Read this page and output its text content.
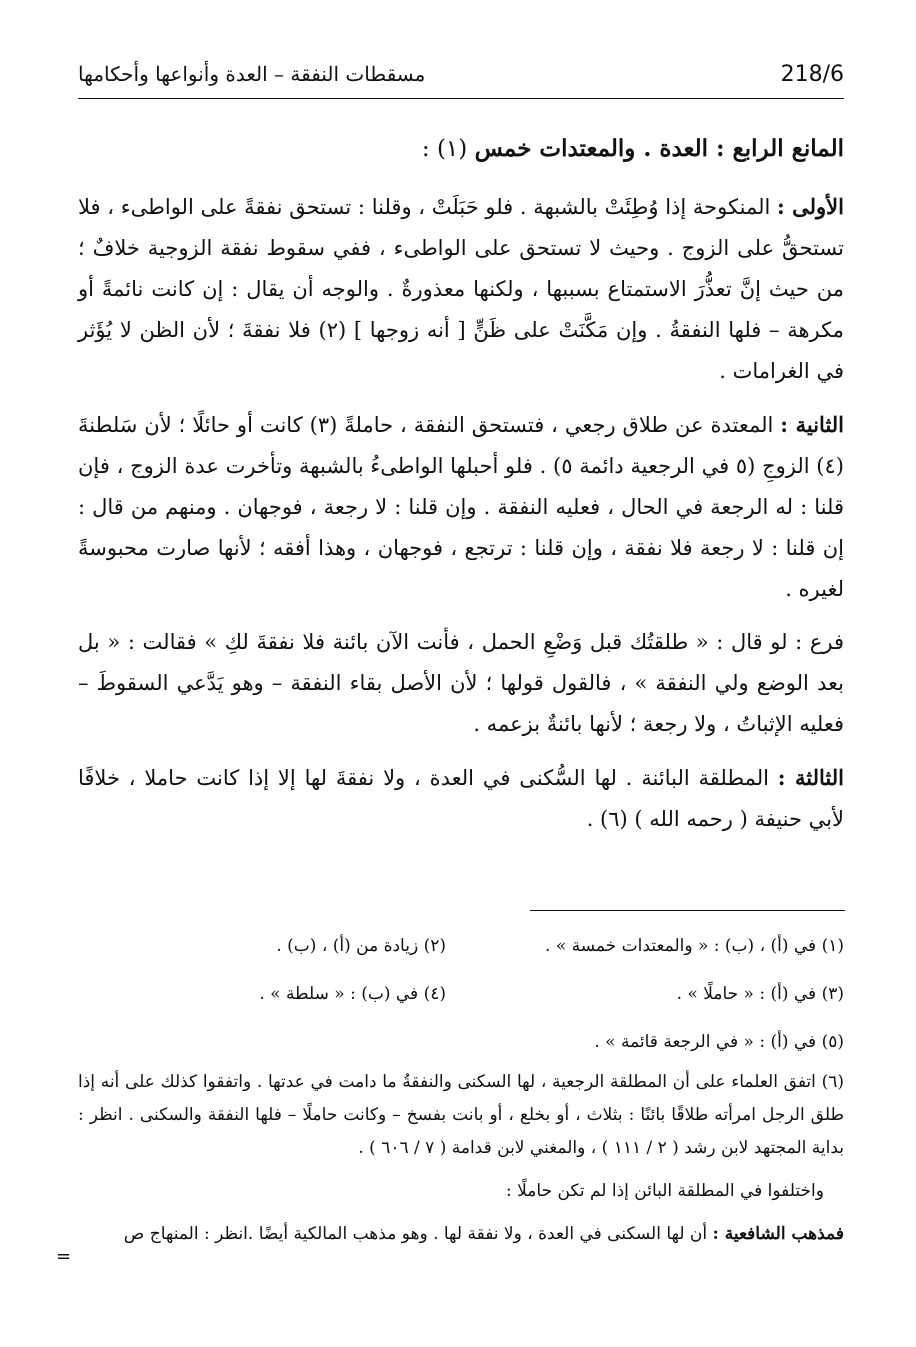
218/6
مسقطات النفقة – العدة وأنواعها وأحكامها

المانع الرابع : العدة . والمعتدات خمس (١) :

الأولى : المنكوحة إذا وُطِئَتْ بالشبهة . فلو حَبَلَتْ ، وقلنا : تستحق نفقةً على الواطىء ، فلا تستحقُّ على الزوج . وحيث لا تستحق على الواطىء ، ففي سقوط نفقة الزوجية خلافٌ ؛ من حيث إنَّ تعذُّرَ الاستمتاع بسببها ، ولكنها معذورةٌ . والوجه أن يقال : إن كانت نائمةً أو مكرهة – فلها النفقةُ . وإن مَكَّنَتْ على ظَنٍّ [ أنه زوجها ] (٢) فلا نفقةَ ؛ لأن الظن لا يُؤَثر في الغرامات .

الثانية : المعتدة عن طلاق رجعي ، فتستحق النفقة ، حاملةً (٣) كانت أو حائلًا ؛ لأن سَلطنةَ (٤) الزوجِ (٥ في الرجعية دائمة ٥) . فلو أحبلها الواطىءُ بالشبهة وتأخرت عدة الزوج ، فإن قلنا : له الرجعة في الحال ، فعليه النفقة . وإن قلنا : لا رجعة ، فوجهان . ومنهم من قال : إن قلنا : لا رجعة فلا نفقة ، وإن قلنا : ترتجع ، فوجهان ، وهذا أفقه ؛ لأنها صارت محبوسةً لغيره .

فرع : لو قال : « طلقتُك قبل وَضْعِ الحمل ، فأنت الآن بائنة فلا نفقةَ لكِ » فقالت : « بل بعد الوضع ولي النفقة » ، فالقول قولها ؛ لأن الأصل بقاء النفقة – وهو يَدَّعي السقوطَ – فعليه الإثباتُ ، ولا رجعة ؛ لأنها بائنةٌ بزعمه .

الثالثة : المطلقة البائنة . لها السُّكنى في العدة ، ولا نفقةَ لها إلا إذا كانت حاملا ، خلافًا لأبي حنيفة ( رحمه الله ) (٦) .

(١) في (أ) ، (ب) : « والمعتدات خمسة » .
(٢) زيادة من (أ) ، (ب) .
(٣) في (أ) : « حاملًا » .
(٤) في (ب) : « سلطة » .
(٥) في (أ) : « في الرجعة قائمة » .
(٦) اتفق العلماء على أن المطلقة الرجعية ، لها السكنى والنفقةُ ما دامت في عدتها . واتفقوا كذلك على أنه إذا طلق الرجل امرأته طلاقًا بائنًا : بثلاث ، أو بخلع ، أو بانت بفسخ – وكانت حاملًا – فلها النفقة والسكنى . انظر : بداية المجتهد لابن رشد ( ٢ / ١١١ ) ، والمغني لابن قدامة ( ٧ / ٦٠٦ ) .
واختلفوا في المطلقة البائن إذا لم تكن حاملًا :
فمذهب الشافعية : أن لها السكنى في العدة ، ولا نفقة لها . وهو مذهب المالكية أيضًا .انظر : المنهاج ص
=
